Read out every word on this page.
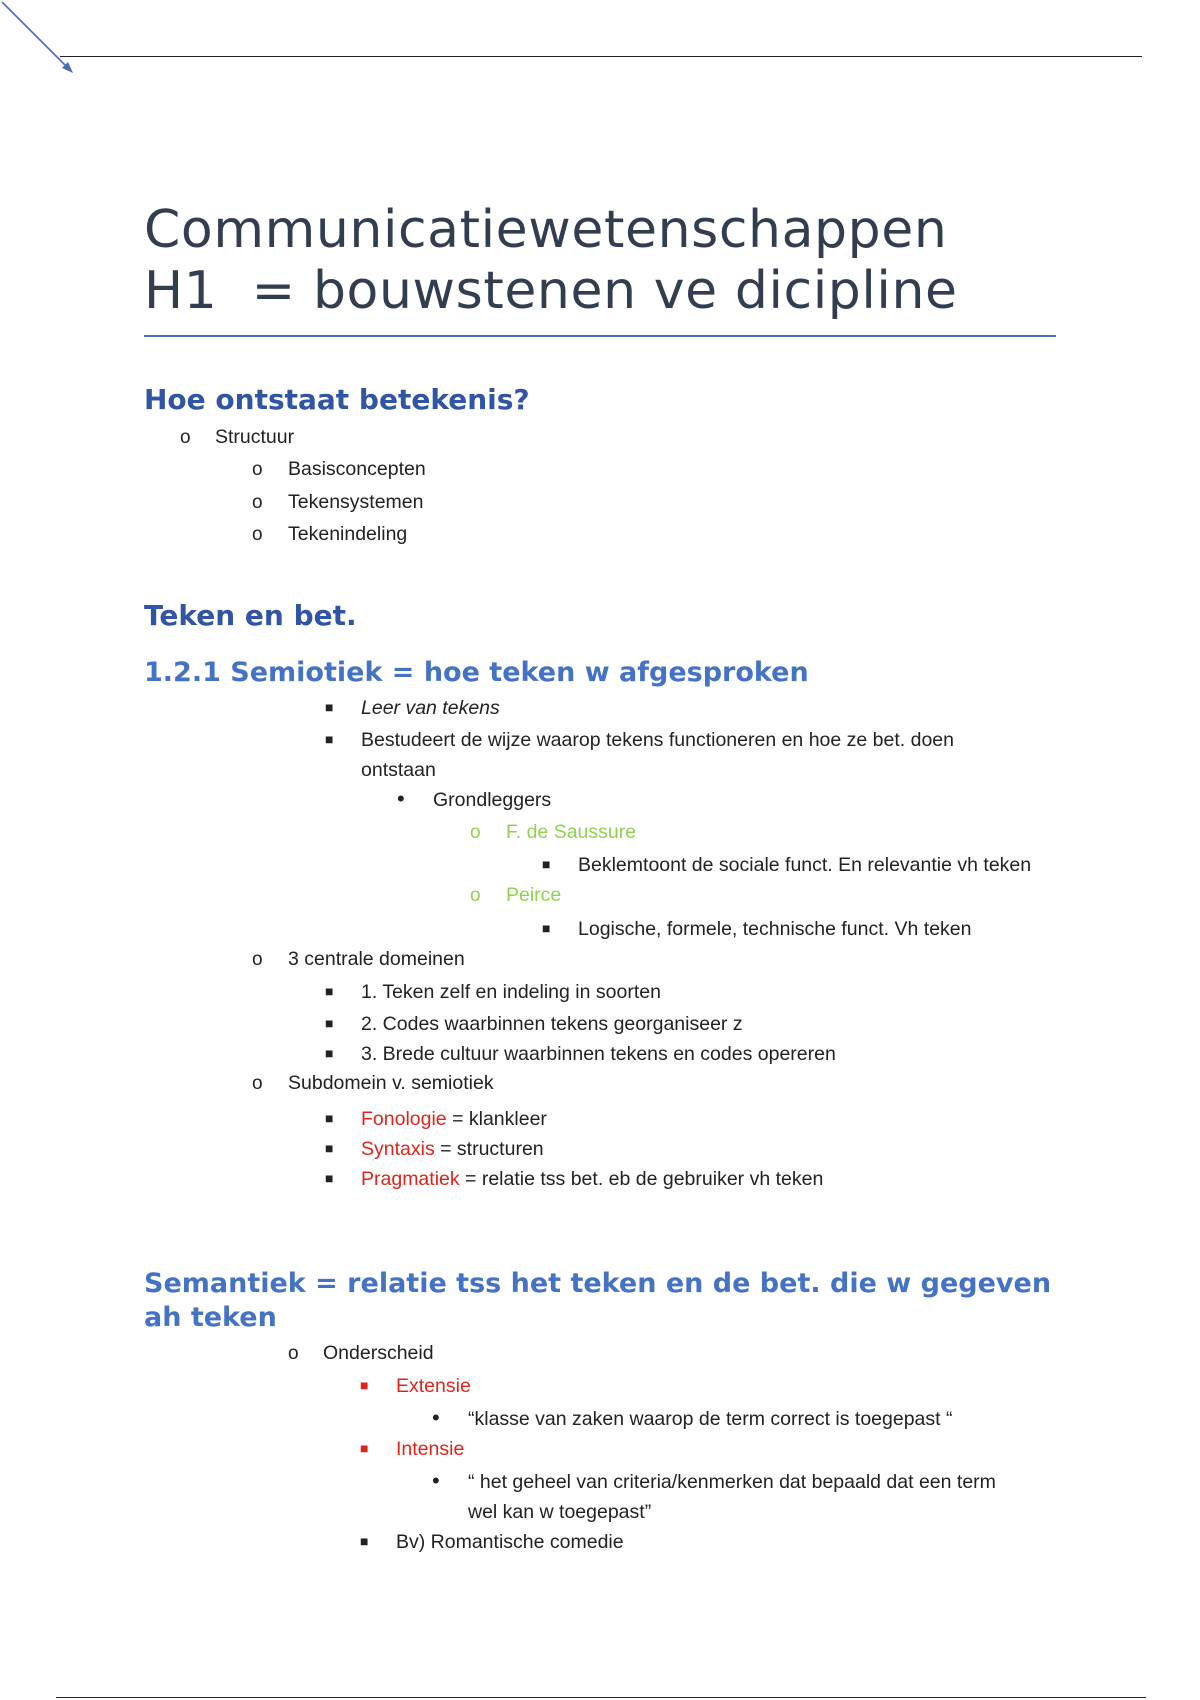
Communicatiewetenschappen
H1  = bouwstenen ve dicipline
Hoe ontstaat betekenis?
o Structuur
o Basisconcepten
o Tekensystemen
o Tekenindeling
Teken en bet.
1.2.1 Semiotiek = hoe teken w afgesproken
■ Leer van tekens
■ Bestudeert de wijze waarop tekens functioneren en hoe ze bet. doen
ontstaan
• Grondleggers
o F. de Saussure
■ Beklemtoont de sociale funct. En relevantie vh teken
o Peirce
■ Logische, formele, technische funct. Vh teken
o 3 centrale domeinen
■ 1. Teken zelf en indeling in soorten
■ 2. Codes waarbinnen tekens georganiseer z
■ 3. Brede cultuur waarbinnen tekens en codes opereren
o Subdomein v. semiotiek
■ Fonologie = klankleer
■ Syntaxis = structuren
■ Pragmatiek = relatie tss bet. eb de gebruiker vh teken
Semantiek = relatie tss het teken en de bet. die w gegeven
ah teken
o Onderscheid
■ Extensie
• “klasse van zaken waarop de term correct is toegepast “
■ Intensie
• “ het geheel van criteria/kenmerken dat bepaald dat een term
wel kan w toegepast”
■ Bv) Romantische comedie
